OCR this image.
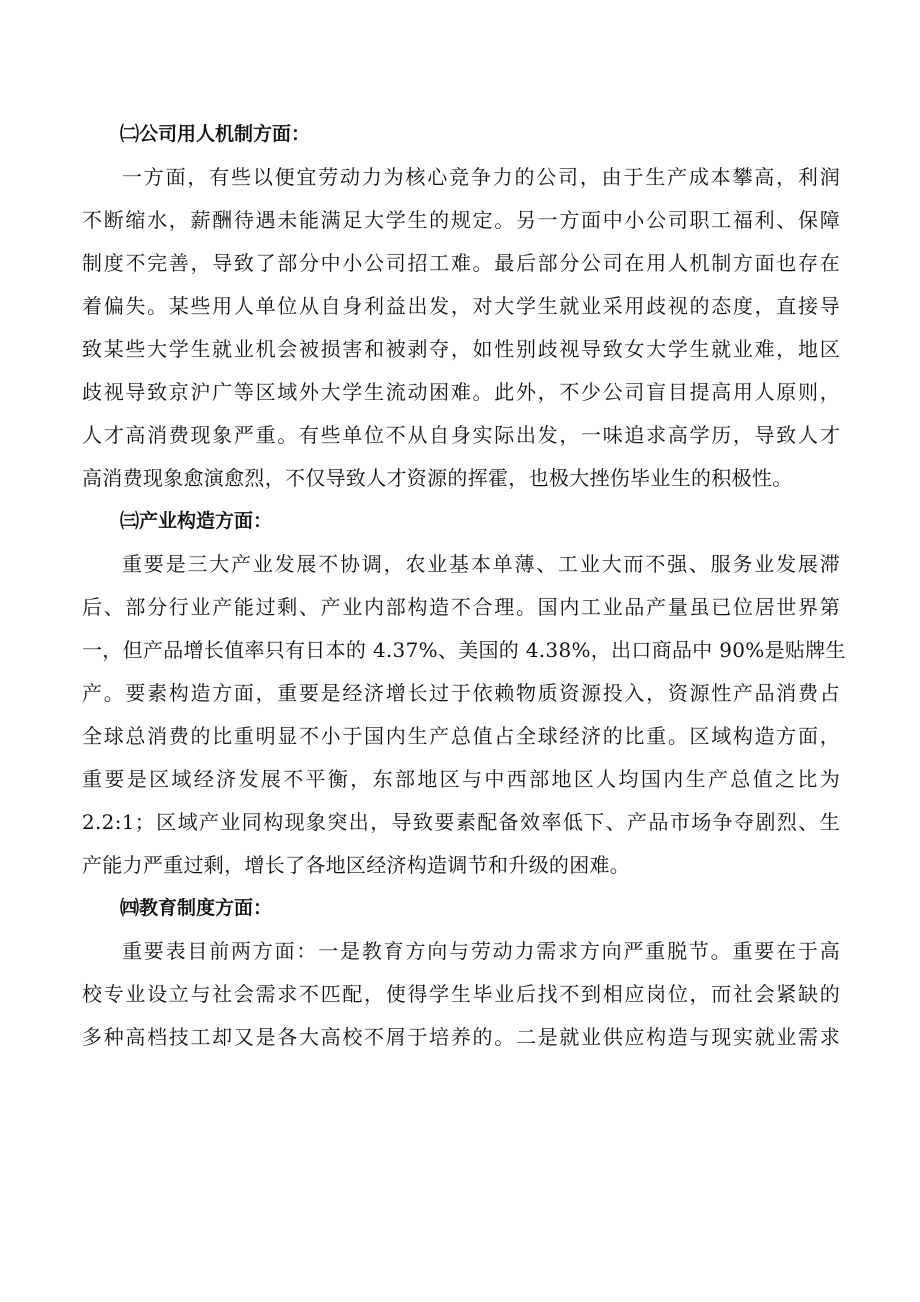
㈡公司用人机制方面：
一方面，有些以便宜劳动力为核心竞争力的公司，由于生产成本攀高，利润
不断缩水，薪酬待遇未能满足大学生的规定。另一方面中小公司职工福利、保障
制度不完善，导致了部分中小公司招工难。最后部分公司在用人机制方面也存在
着偏失。某些用人单位从自身利益出发，对大学生就业采用歧视的态度，直接导
致某些大学生就业机会被损害和被剥夺，如性别歧视导致女大学生就业难，地区
歧视导致京沪广等区域外大学生流动困难。此外，不少公司盲目提高用人原则，
人才高消费现象严重。有些单位不从自身实际出发，一味追求高学历，导致人才
高消费现象愈演愈烈，不仅导致人才资源的挥霍，也极大挫伤毕业生的积极性。
㈢产业构造方面：
重要是三大产业发展不协调，农业基本单薄、工业大而不强、服务业发展滞
后、部分行业产能过剩、产业内部构造不合理。国内工业品产量虽已位居世界第
一，但产品增长值率只有日本的 4.37%、美国的 4.38%，出口商品中 90%是贴牌生
产。要素构造方面，重要是经济增长过于依赖物质资源投入，资源性产品消费占
全球总消费的比重明显不小于国内生产总值占全球经济的比重。区域构造方面，
重要是区域经济发展不平衡，东部地区与中西部地区人均国内生产总值之比为
2.2:1；区域产业同构现象突出，导致要素配备效率低下、产品市场争夺剧烈、生
产能力严重过剩，增长了各地区经济构造调节和升级的困难。
㈣教育制度方面：
重要表目前两方面：一是教育方向与劳动力需求方向严重脱节。重要在于高
校专业设立与社会需求不匹配，使得学生毕业后找不到相应岗位，而社会紧缺的
多种高档技工却又是各大高校不屑于培养的。二是就业供应构造与现实就业需求
